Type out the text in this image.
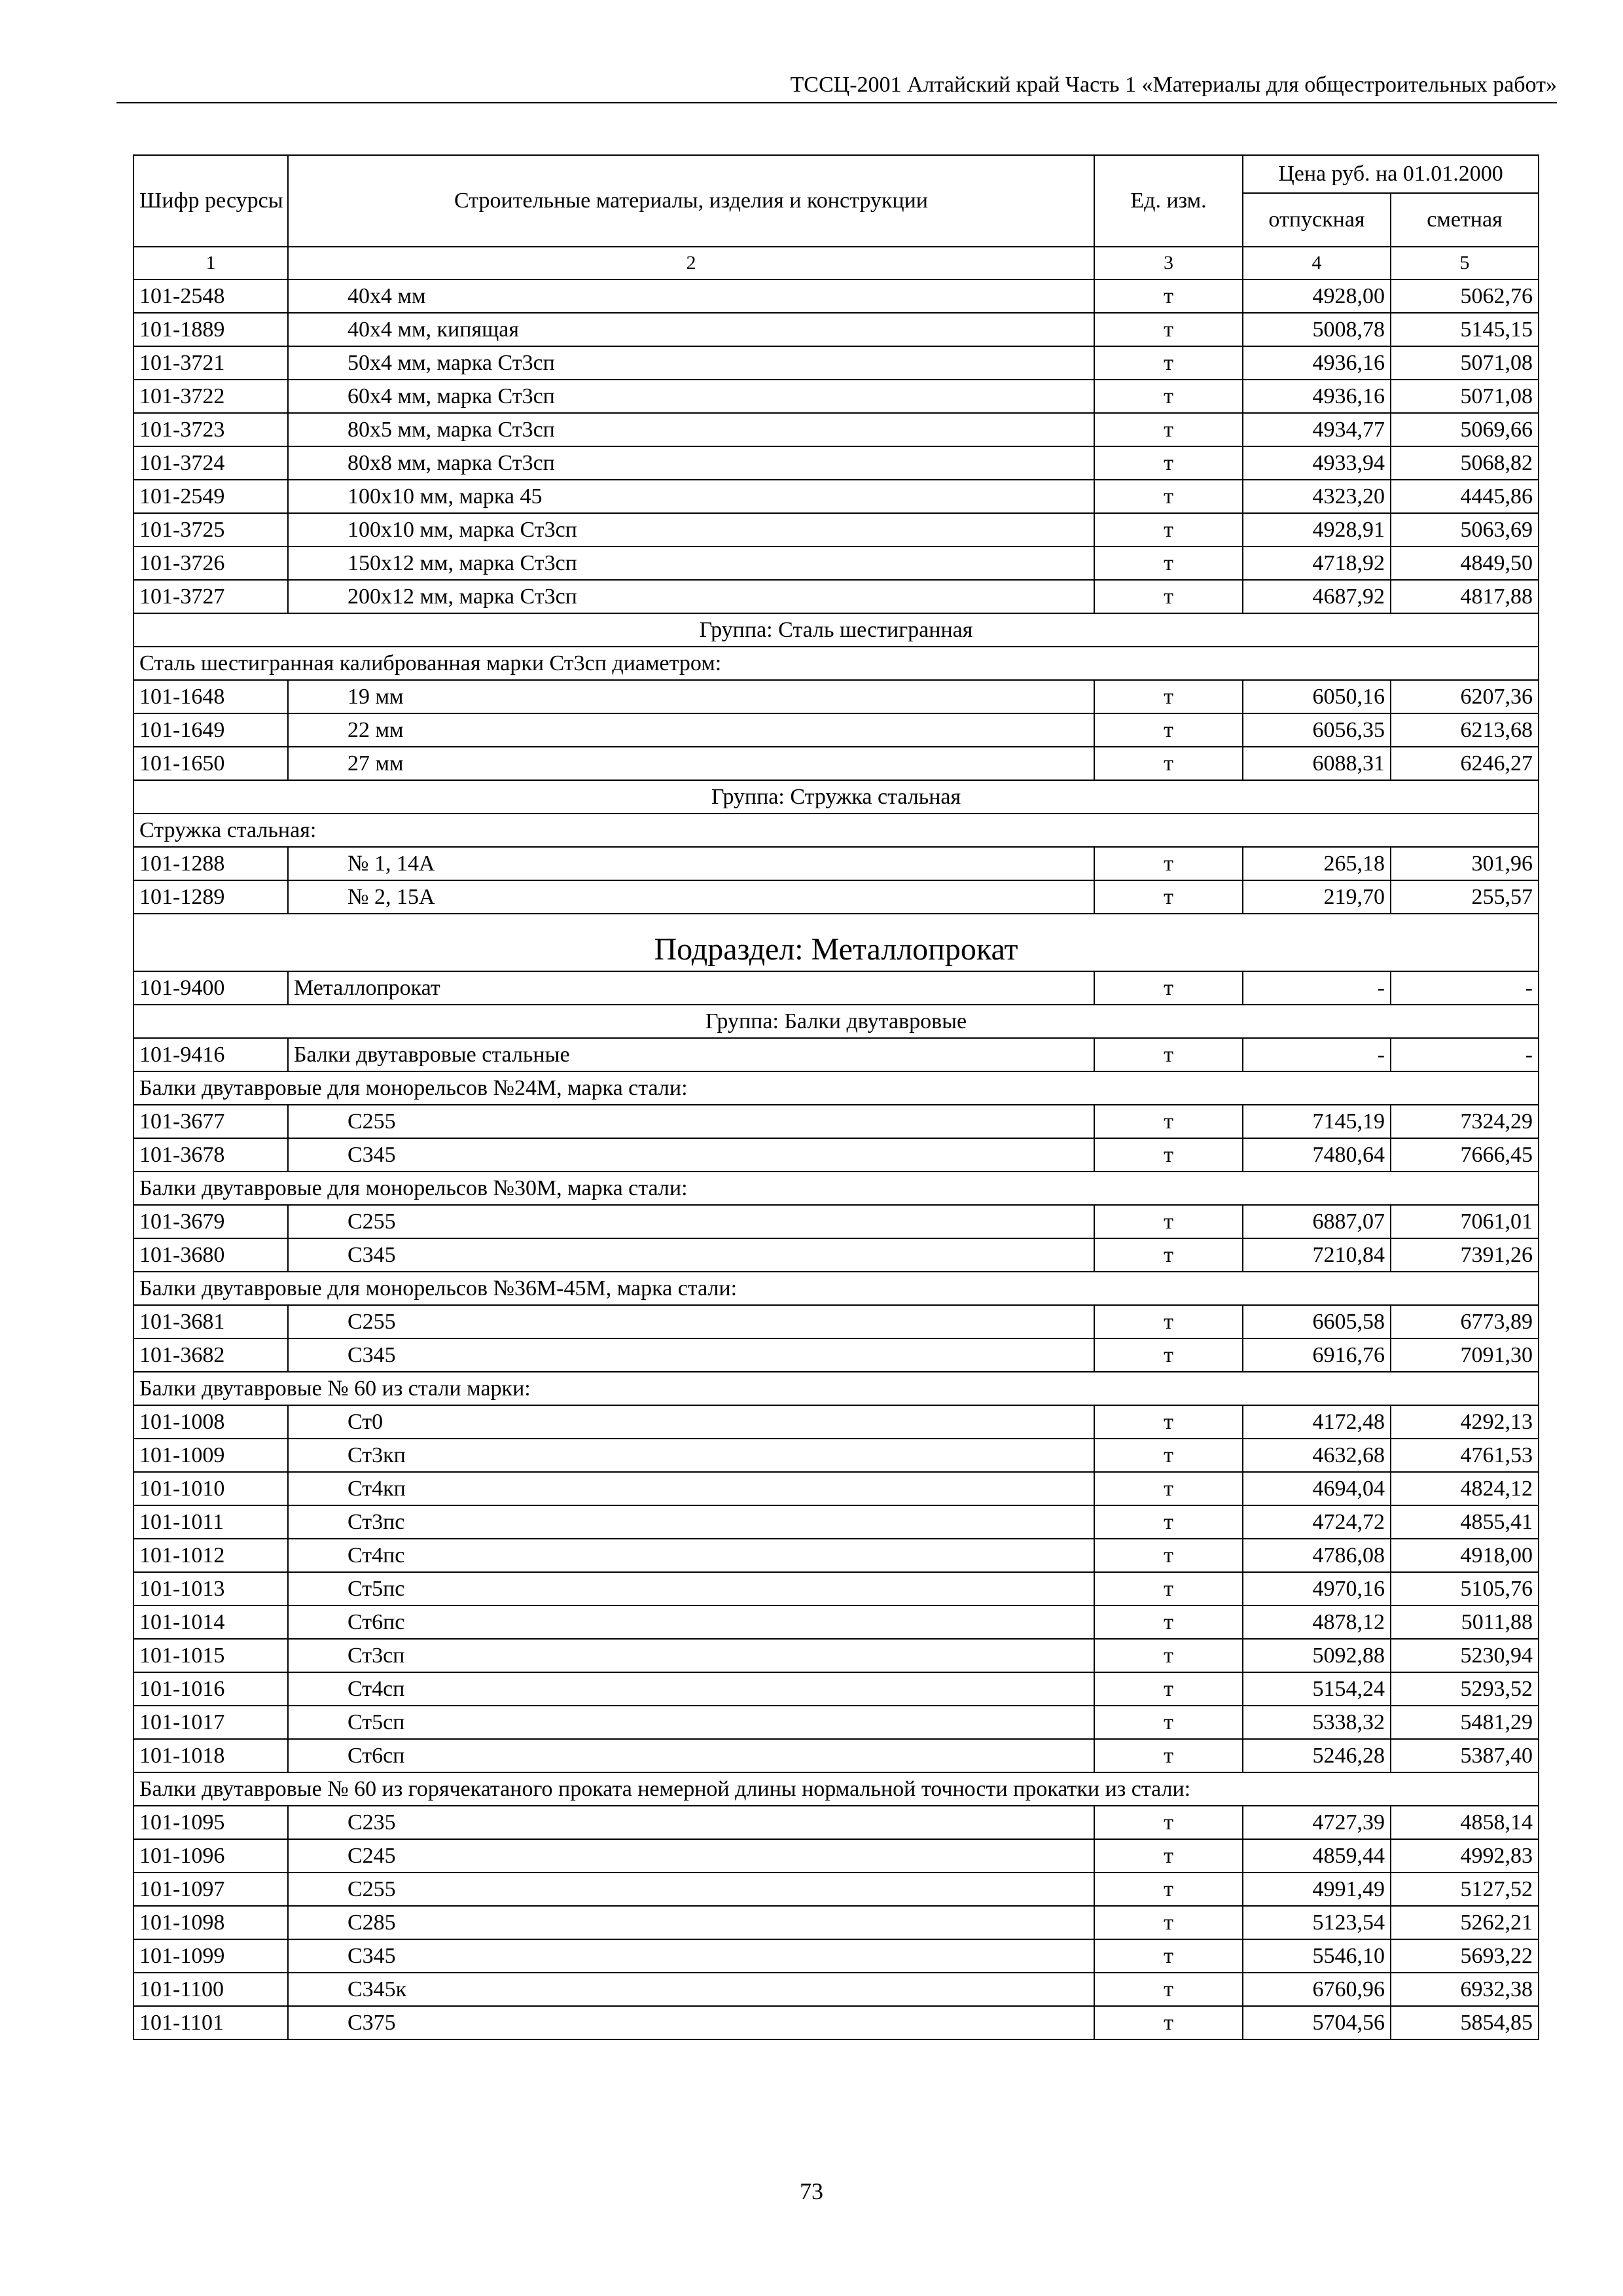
ТССЦ-2001 Алтайский край Часть 1 «Материалы для общестроительных работ»
Шифр ресурсы	Строительные материалы, изделия и конструкции	Ед. изм.	Цена руб. на 01.01.2000	
			отпускная	сметная
1	2	3	4	5
101-2548	40x4 мм	т	4928,00	5062,76
101-1889	40x4 мм, кипящая	т	5008,78	5145,15
101-3721	50x4 мм, марка Ст3сп	т	4936,16	5071,08
101-3722	60x4 мм, марка Ст3сп	т	4936,16	5071,08
101-3723	80x5 мм, марка Ст3сп	т	4934,77	5069,66
101-3724	80x8 мм, марка Ст3сп	т	4933,94	5068,82
101-2549	100x10 мм, марка 45	т	4323,20	4445,86
101-3725	100x10 мм, марка Ст3сп	т	4928,91	5063,69
101-3726	150x12 мм, марка Ст3сп	т	4718,92	4849,50
101-3727	200x12 мм, марка Ст3сп	т	4687,92	4817,88
Группа: Сталь шестигранная				
Сталь шестигранная калиброванная марки Ст3сп диаметром:				
101-1648	19 мм	т	6050,16	6207,36
101-1649	22 мм	т	6056,35	6213,68
101-1650	27 мм	т	6088,31	6246,27
Группа: Стружка стальная				
Стружка стальная:				
101-1288	№ 1, 14А	т	265,18	301,96
101-1289	№ 2, 15А	т	219,70	255,57
Подраздел: Металлопрокат				
101-9400	Металлопрокат	т	-	-
Группа: Балки двутавровые				
101-9416	Балки двутавровые стальные	т	-	-
Балки двутавровые для монорельсов №24М, марка стали:				
101-3677	С255	т	7145,19	7324,29
101-3678	С345	т	7480,64	7666,45
Балки двутавровые для монорельсов №30М, марка стали:				
101-3679	С255	т	6887,07	7061,01
101-3680	С345	т	7210,84	7391,26
Балки двутавровые для монорельсов №36М-45М, марка стали:				
101-3681	С255	т	6605,58	6773,89
101-3682	С345	т	6916,76	7091,30
Балки двутавровые № 60 из стали марки:				
101-1008	Ст0	т	4172,48	4292,13
101-1009	Ст3кп	т	4632,68	4761,53
101-1010	Ст4кп	т	4694,04	4824,12
101-1011	Ст3пс	т	4724,72	4855,41
101-1012	Ст4пс	т	4786,08	4918,00
101-1013	Ст5пс	т	4970,16	5105,76
101-1014	Ст6пс	т	4878,12	5011,88
101-1015	Ст3сп	т	5092,88	5230,94
101-1016	Ст4сп	т	5154,24	5293,52
101-1017	Ст5сп	т	5338,32	5481,29
101-1018	Ст6сп	т	5246,28	5387,40
Балки двутавровые № 60 из горячекатаного проката немерной длины нормальной точности прокатки из стали:				
101-1095	С235	т	4727,39	4858,14
101-1096	С245	т	4859,44	4992,83
101-1097	С255	т	4991,49	5127,52
101-1098	С285	т	5123,54	5262,21
101-1099	С345	т	5546,10	5693,22
101-1100	С345к	т	6760,96	6932,38
101-1101	С375	т	5704,56	5854,85
73
